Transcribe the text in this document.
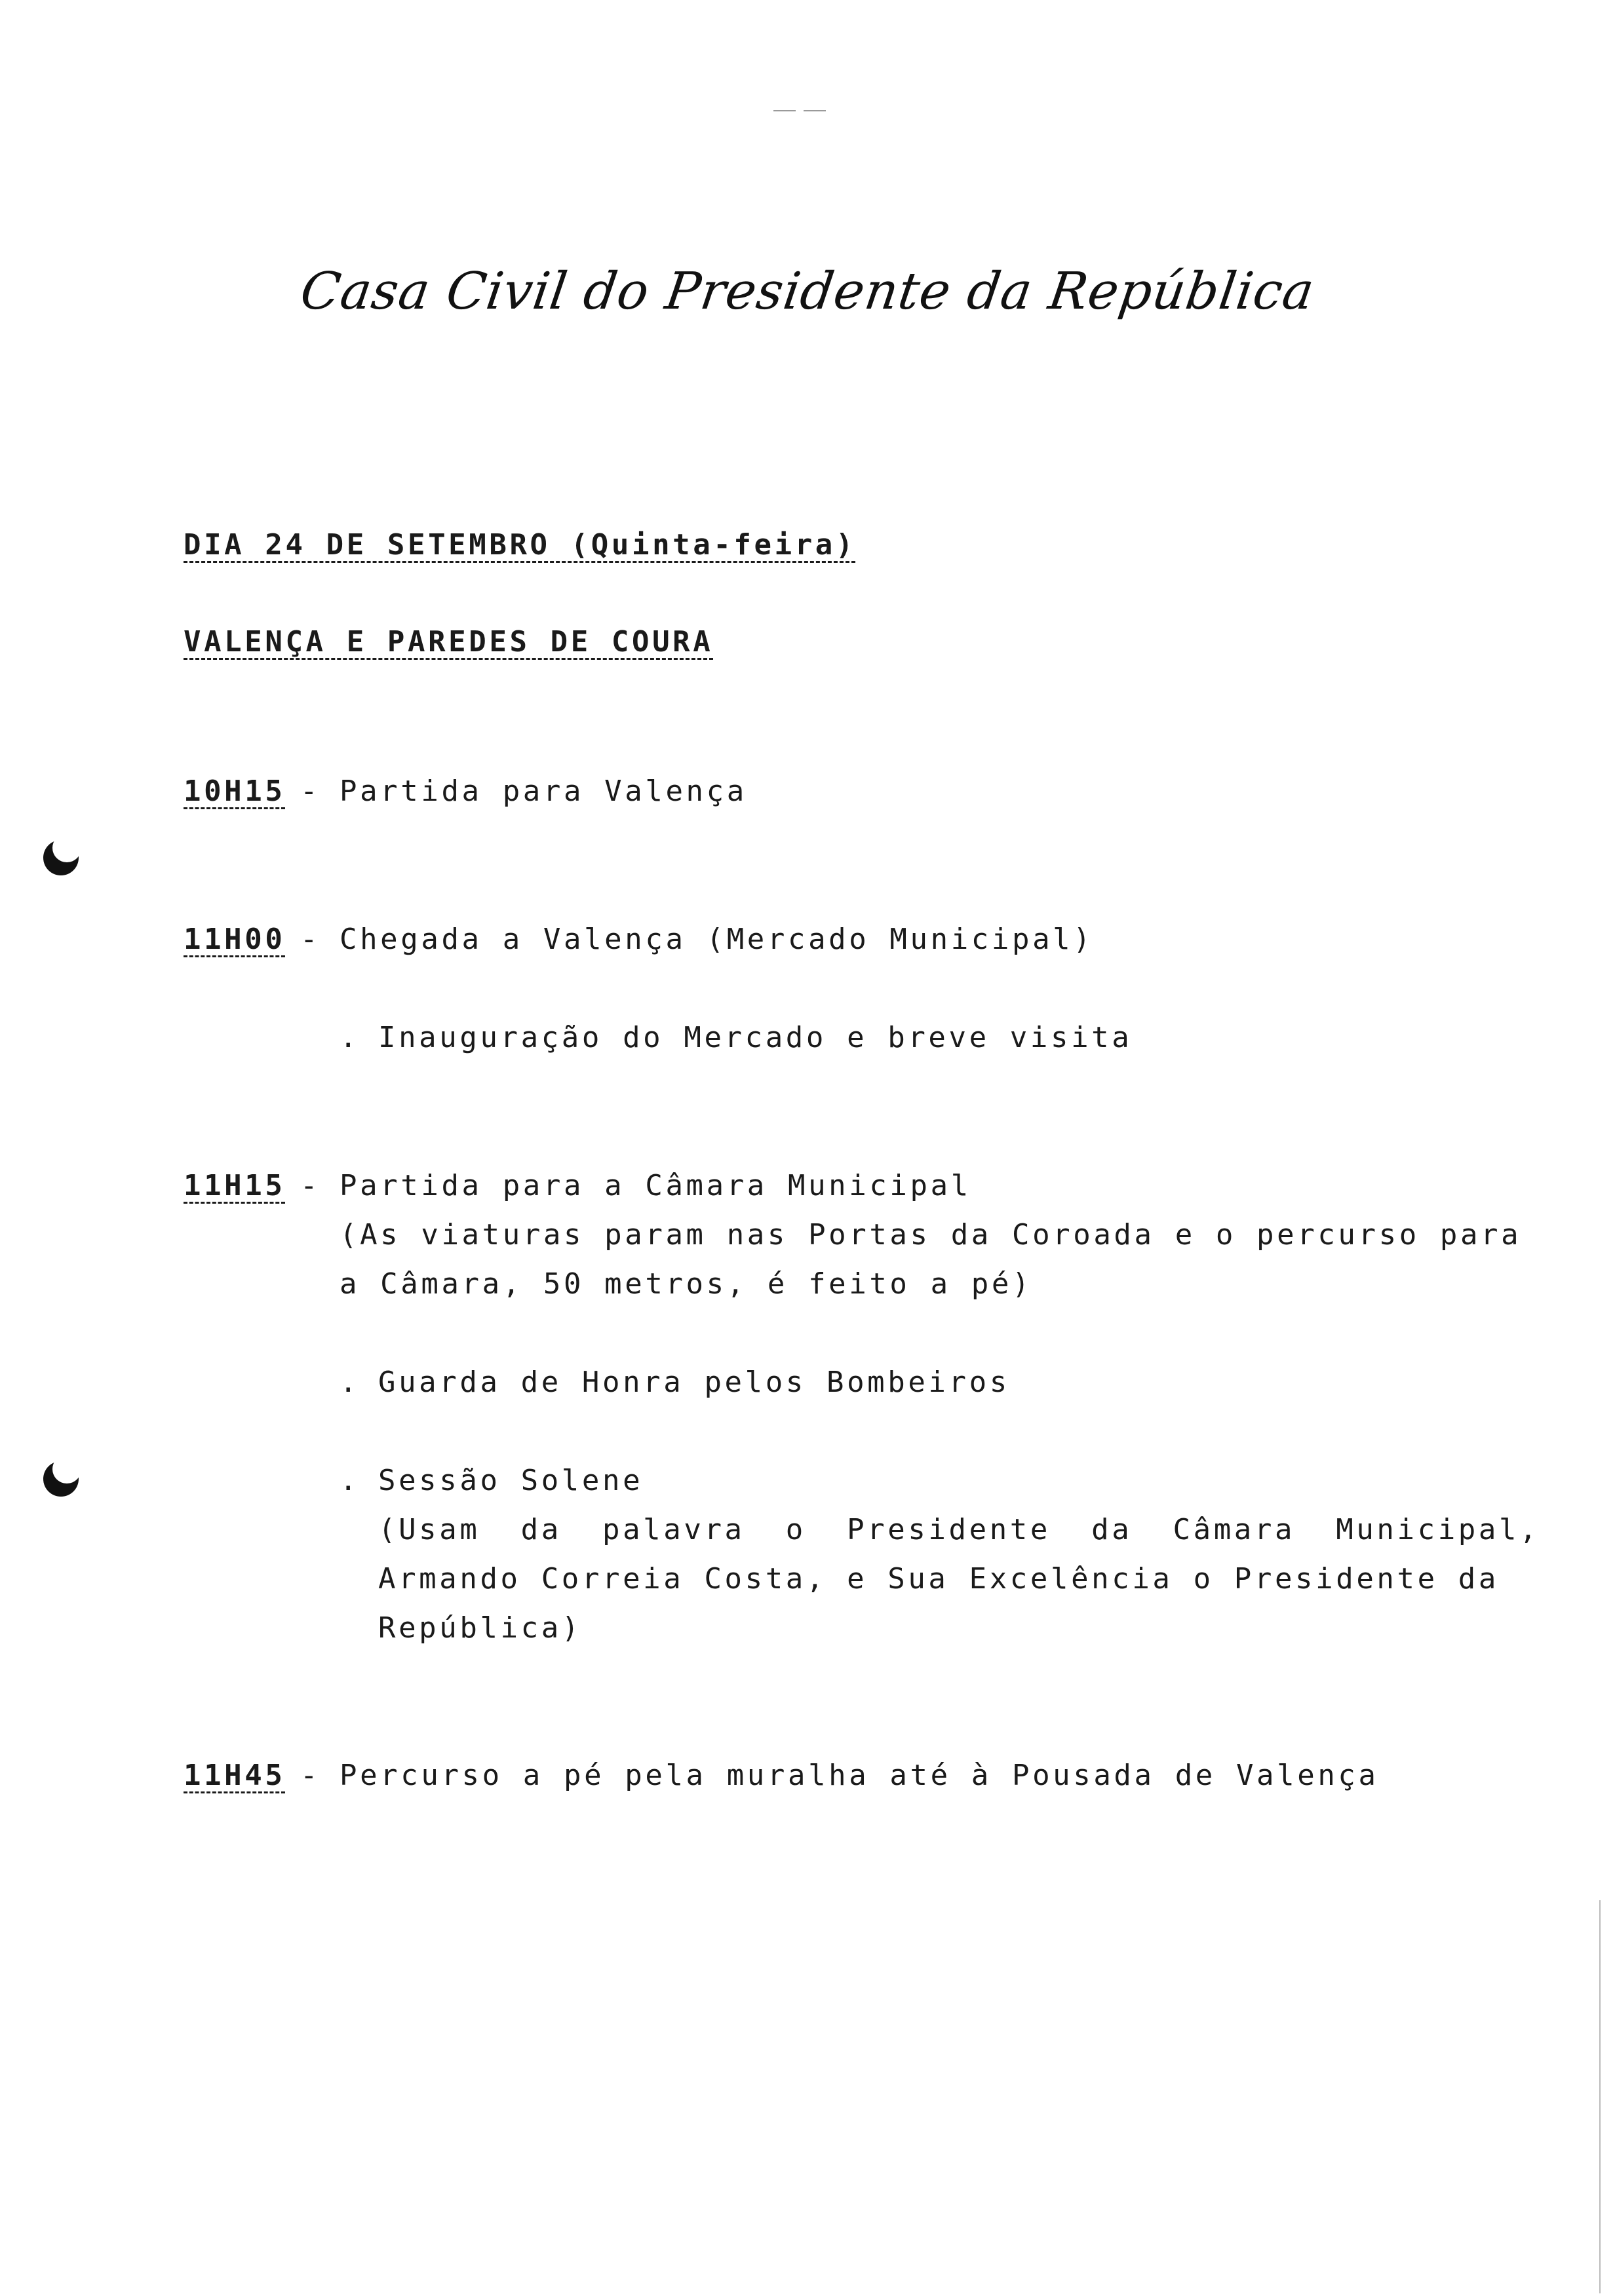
Casa Civil do Presidente da República
DIA 24 DE SETEMBRO (Quinta-feira)
VALENÇA E PAREDES DE COURA
10H15 - Partida para Valença
11H00 - Chegada a Valença (Mercado Municipal)
. Inauguração do Mercado e breve visita
11H15 - Partida para a Câmara Municipal
(As viaturas param nas Portas da Coroada e o percurso para
a Câmara, 50 metros, é feito a pé)
. Guarda de Honra pelos Bombeiros
. Sessão Solene
(Usam  da  palavra  o  Presidente  da  Câmara  Municipal,
Armando Correia Costa, e Sua Excelência o Presidente da
República)
11H45 - Percurso a pé pela muralha até à Pousada de Valença
